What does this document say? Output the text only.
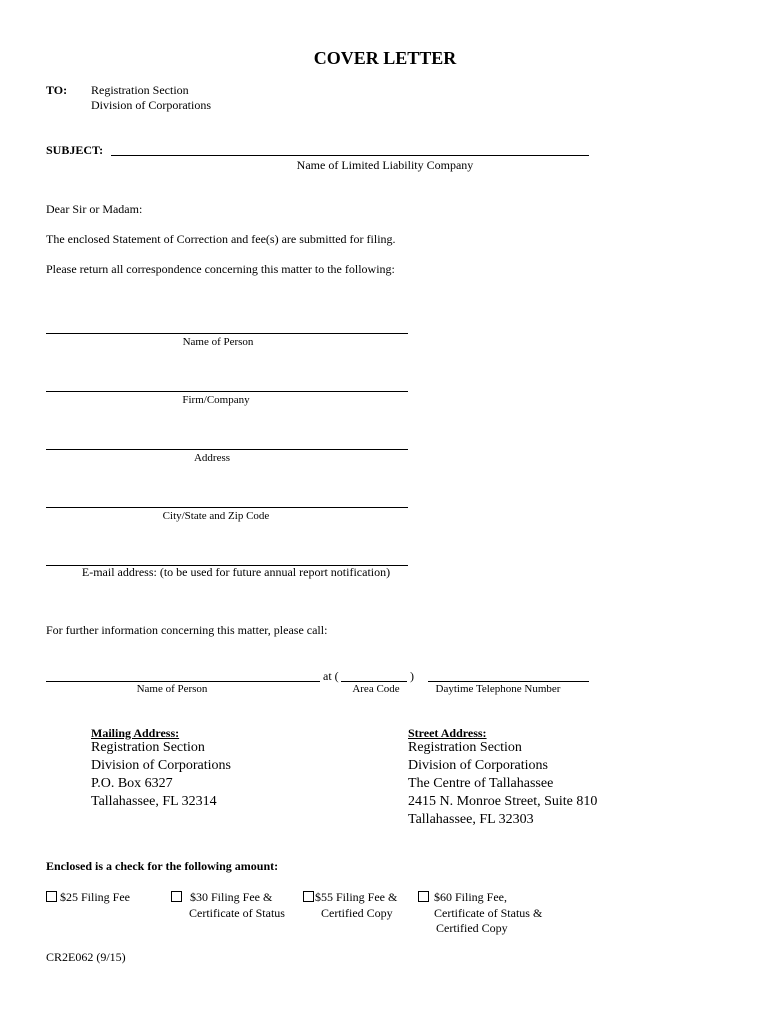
COVER LETTER
TO: Registration Section
Division of Corporations
SUBJECT:
Name of Limited Liability Company
Dear Sir or Madam:
The enclosed Statement of Correction and fee(s) are submitted for filing.
Please return all correspondence concerning this matter to the following:
Name of Person
Firm/Company
Address
City/State and Zip Code
E-mail address: (to be used for future annual report notification)
For further information concerning this matter, please call:
at (	)
Name of Person	Area Code	Daytime Telephone Number
Mailing Address:
Registration Section
Division of Corporations
P.O. Box 6327
Tallahassee, FL 32314
Street Address:
Registration Section
Division of Corporations
The Centre of Tallahassee
2415 N. Monroe Street, Suite 810
Tallahassee, FL 32303
Enclosed is a check for the following amount:
$25 Filing Fee	$30 Filing Fee &
Certificate of Status
$55 Filing Fee &
Certified Copy
$60 Filing Fee,
Certificate of Status &
Certified Copy
CR2E062 (9/15)
